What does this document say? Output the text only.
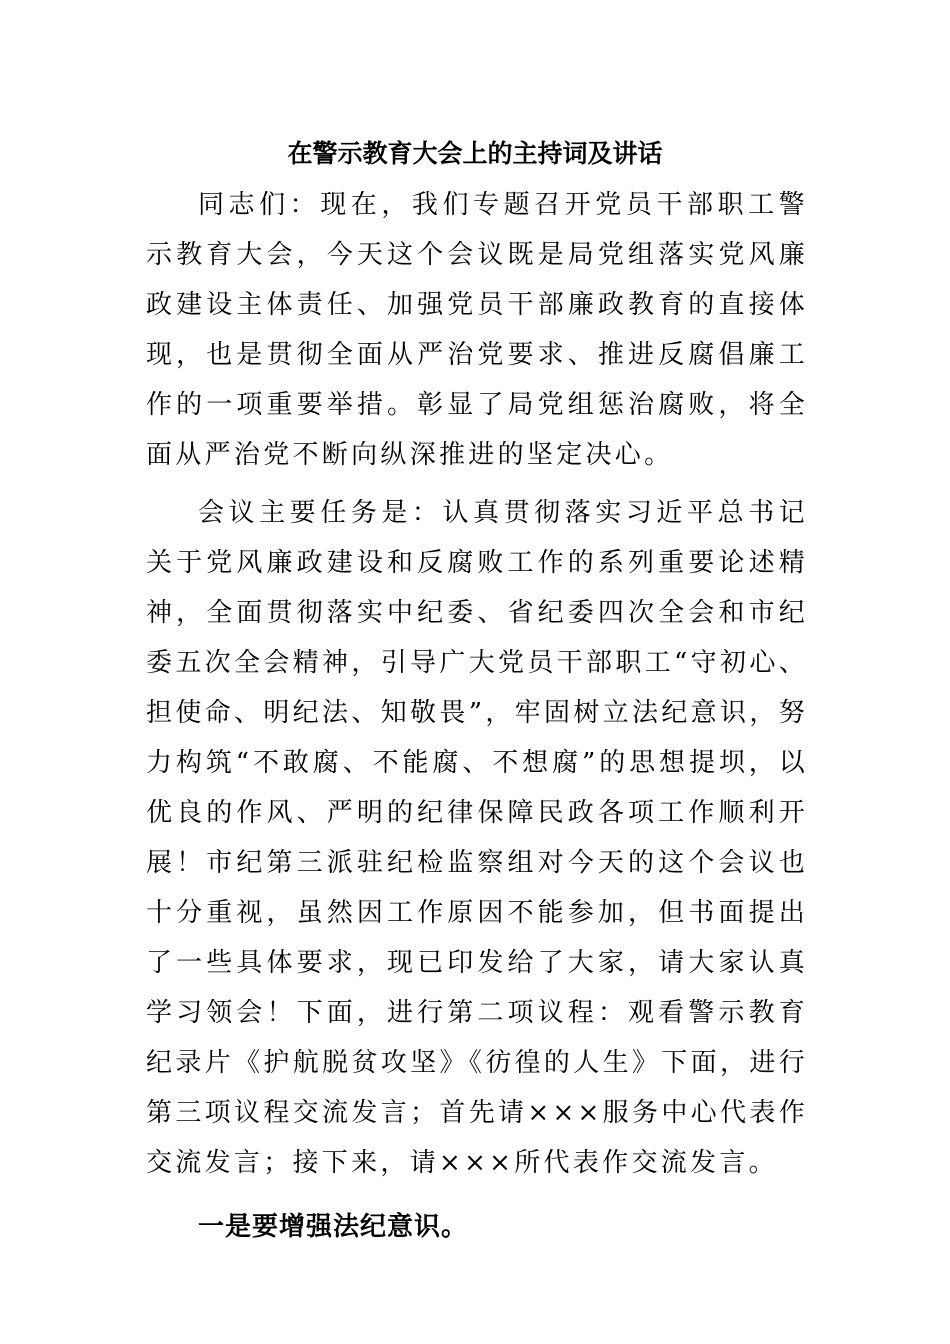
在警示教育大会上的主持词及讲话

同志们：现在，我们专题召开党员干部职工警示教育大会，今天这个会议既是局党组落实党风廉政建设主体责任、加强党员干部廉政教育的直接体现，也是贯彻全面从严治党要求、推进反腐倡廉工作的一项重要举措。彰显了局党组惩治腐败，将全面从严治党不断向纵深推进的坚定决心。

会议主要任务是：认真贯彻落实习近平总书记关于党风廉政建设和反腐败工作的系列重要论述精神，全面贯彻落实中纪委、省纪委四次全会和市纪委五次全会精神，引导广大党员干部职工“守初心、担使命、明纪法、知敬畏”，牢固树立法纪意识，努力构筑“不敢腐、不能腐、不想腐”的思想提坝，以优良的作风、严明的纪律保障民政各项工作顺利开展！市纪第三派驻纪检监察组对今天的这个会议也十分重视，虽然因工作原因不能参加，但书面提出了一些具体要求，现已印发给了大家，请大家认真学习领会！下面，进行第二项议程：观看警示教育纪录片《护航脱贫攻坚》《彷徨的人生》下面，进行第三项议程交流发言；首先请×××服务中心代表作交流发言；接下来，请×××所代表作交流发言。

一是要增强法纪意识。
